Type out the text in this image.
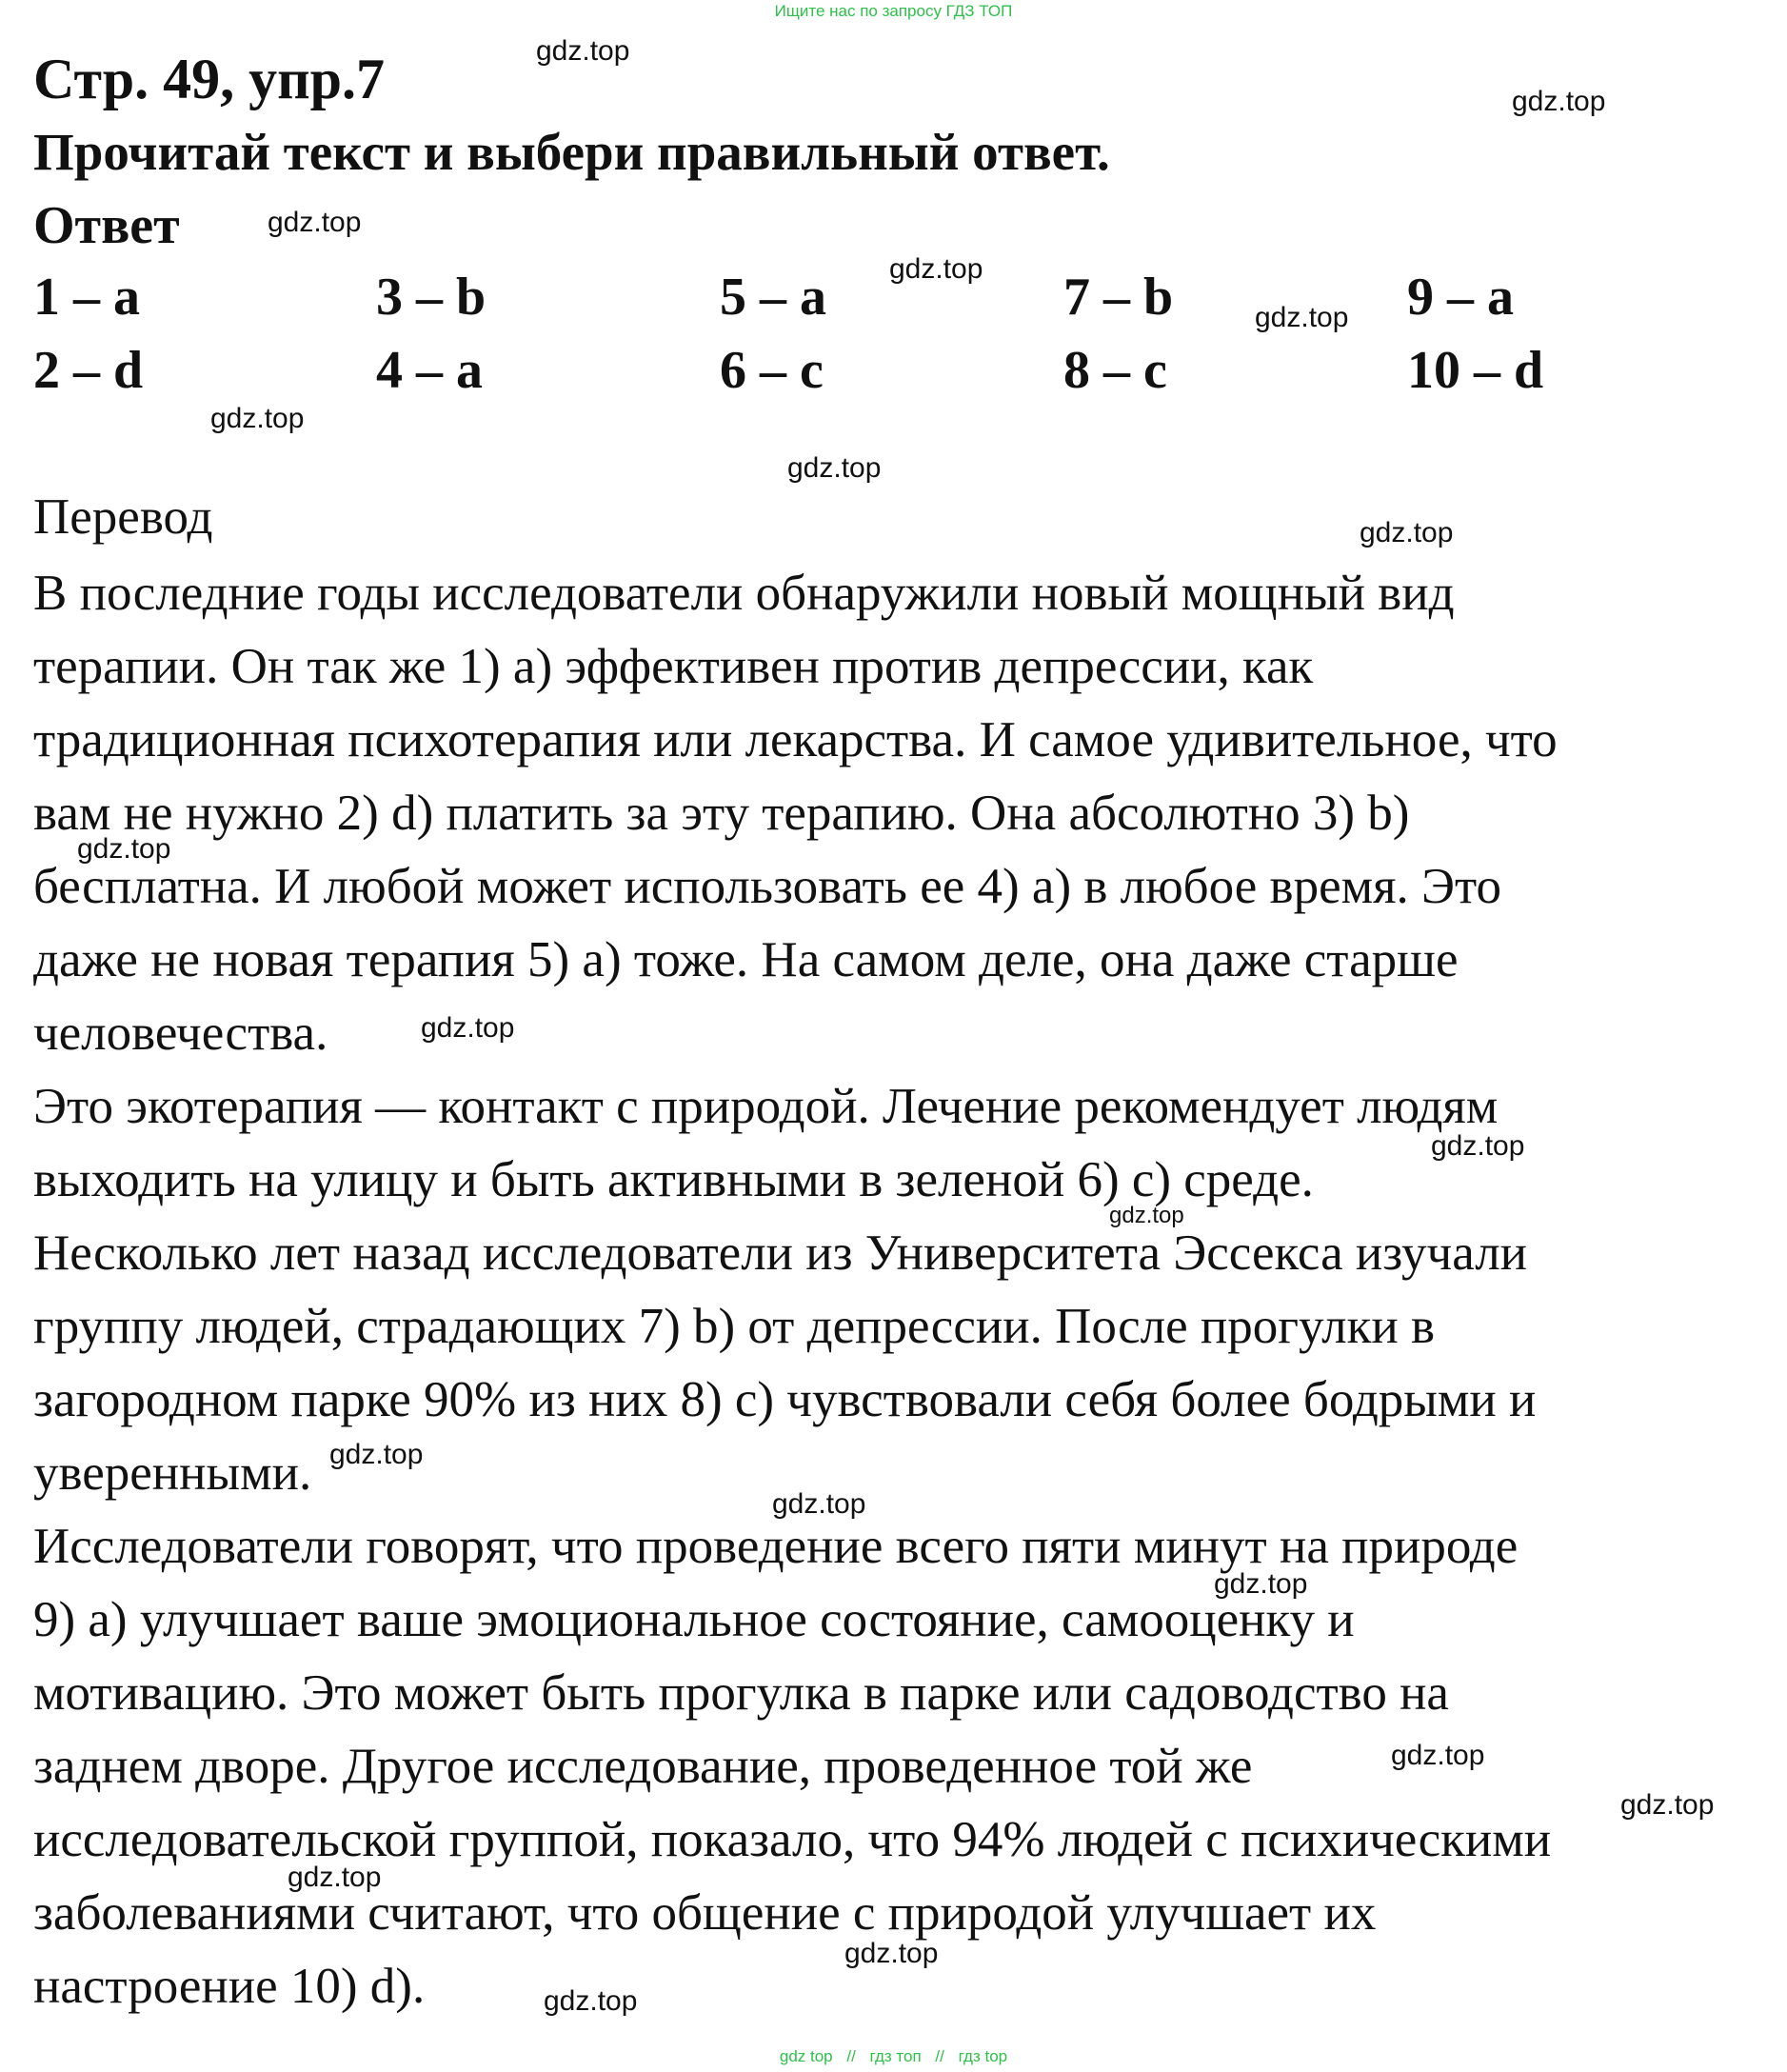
Ищите нас по запросу ГДЗ ТОП
Стр. 49, упр.7
Прочитай текст и выбери правильный ответ.
Ответ
1 – a	3 – b	5 – a	7 – b	9 – a
2 – d	4 – a	6 – c	8 – c	10 – d
Перевод
В последние годы исследователи обнаружили новый мощный вид
терапии. Он так же 1) а) эффективен против депрессии, как
традиционная психотерапия или лекарства. И самое удивительное, что
вам не нужно 2) d) платить за эту терапию. Она абсолютно 3) b)
бесплатна. И любой может использовать ее 4) а) в любое время. Это
даже не новая терапия 5) а) тоже. На самом деле, она даже старше
человечества.
Это экотерапия — контакт с природой. Лечение рекомендует людям
выходить на улицу и быть активными в зеленой 6) с) среде.
Несколько лет назад исследователи из Университета Эссекса изучали
группу людей, страдающих 7) b) от депрессии. После прогулки в
загородном парке 90% из них 8) с) чувствовали себя более бодрыми и
уверенными.
Исследователи говорят, что проведение всего пяти минут на природе
9) а) улучшает ваше эмоциональное состояние, самооценку и
мотивацию. Это может быть прогулка в парке или садоводство на
заднем дворе. Другое исследование, проведенное той же
исследовательской группой, показало, что 94% людей с психическими
заболеваниями считают, что общение с природой улучшает их
настроение 10) d).
gdz.top
gdz.top
gdz.top
gdz.top
gdz.top
gdz.top
gdz.top
gdz.top
gdz.top
gdz.top
gdz.top
gdz.top
gdz.top
gdz.top
gdz.top
gdz.top
gdz.top
gdz.top
gdz.top
gdz.top
gdz top // гдз топ // гдз top
